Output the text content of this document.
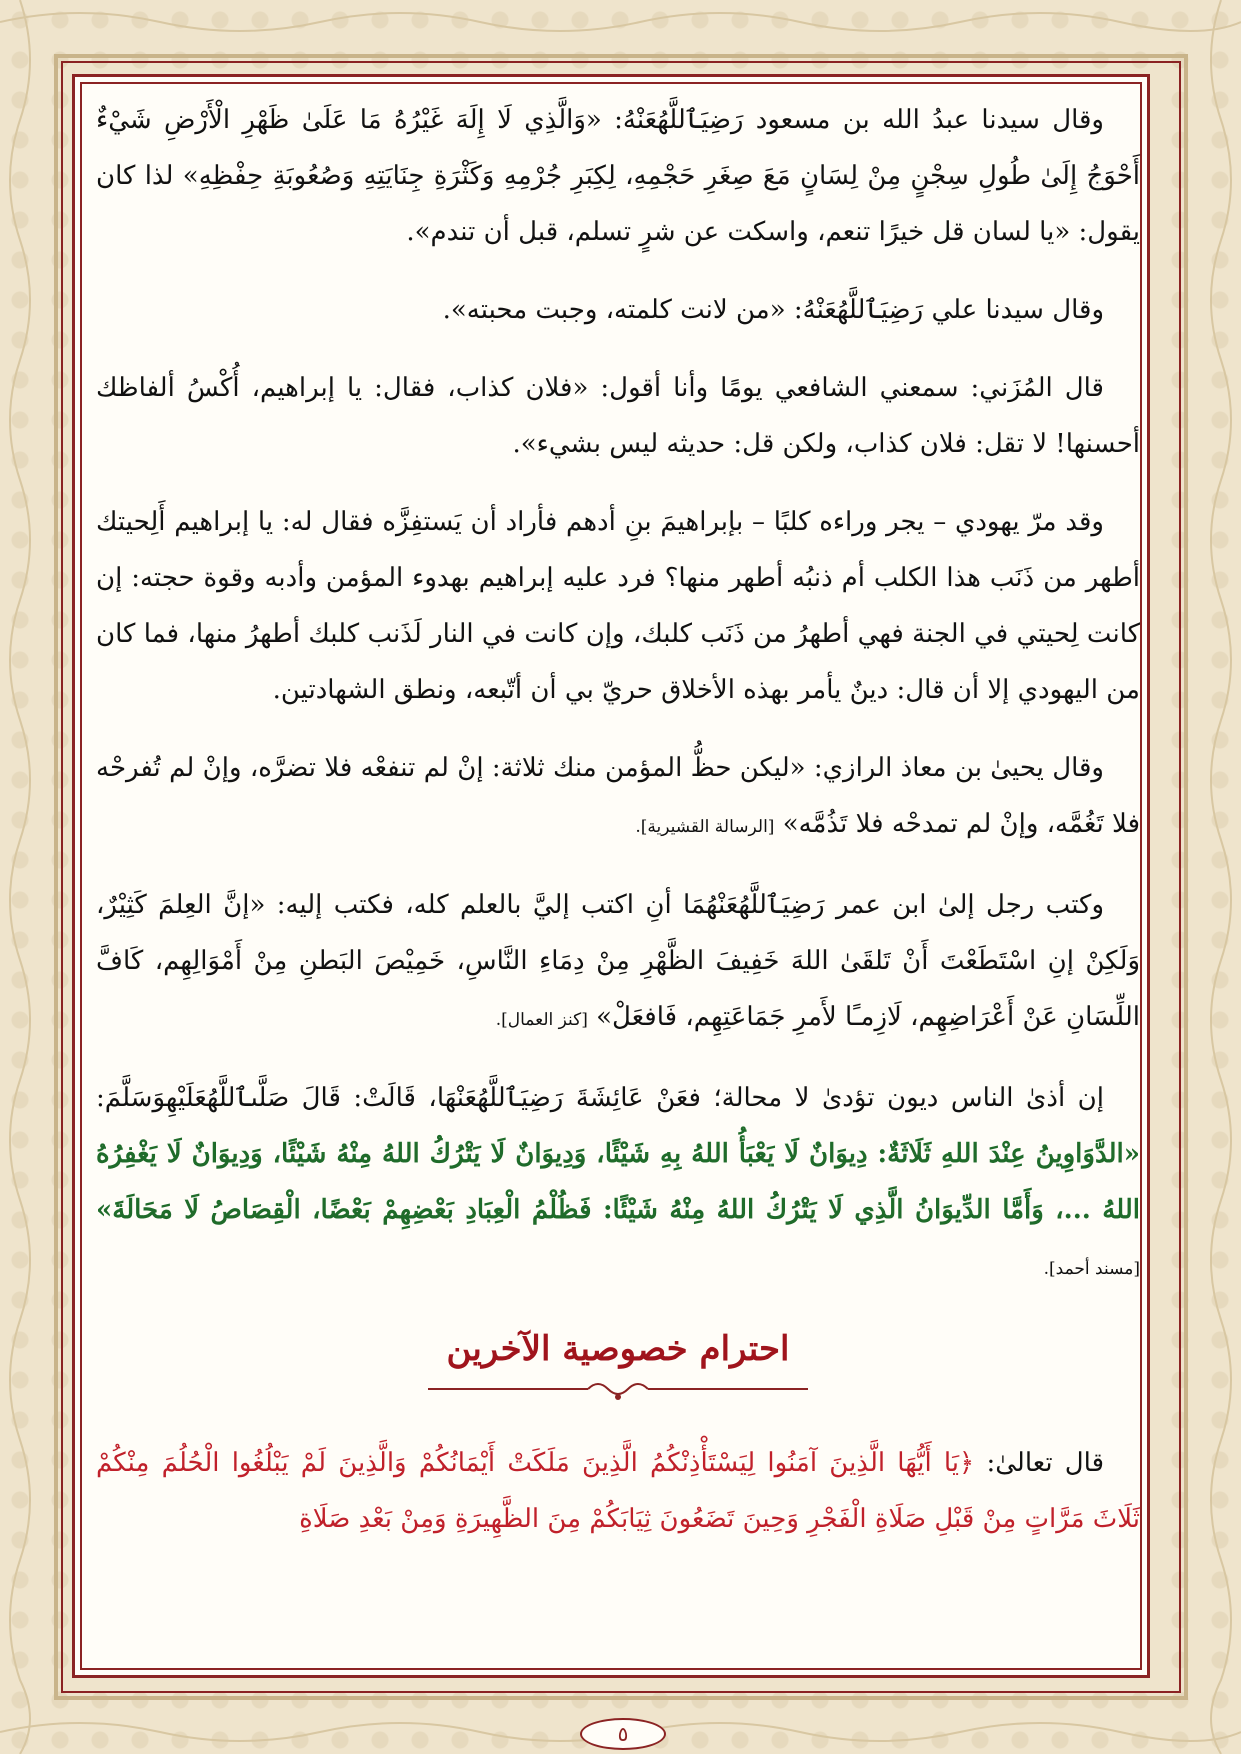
وقال سيدنا عبدُ الله بن مسعود رَضِيَٱللَّهُعَنْهُ: «وَالَّذِي لَا إِلَهَ غَيْرُهُ مَا عَلَىٰ ظَهْرِ الْأَرْضِ شَيْءٌ أَحْوَجُ إِلَىٰ طُولِ سِجْنٍ مِنْ لِسَانٍ مَعَ صِغَرِ حَجْمِهِ، لِكِبَرِ جُرْمِهِ وَكَثْرَةِ جِنَايَتِهِ وَصُعُوبَةِ حِفْظِهِ» لذا كان يقول: «يا لسان قل خيرًا تنعم، واسكت عن شرٍ تسلم، قبل أن تندم».

وقال سيدنا علي رَضِيَٱللَّهُعَنْهُ: «من لانت كلمته، وجبت محبته».

قال المُزَني: سمعني الشافعي يومًا وأنا أقول: «فلان كذاب، فقال: يا إبراهيم، أُكْسُ ألفاظك أحسنها! لا تقل: فلان كذاب، ولكن قل: حديثه ليس بشيء».

وقد مرّ يهودي – يجر وراءه كلبًا – بإبراهيمَ بنِ أدهم فأراد أن يَستفِزَّه فقال له: يا إبراهيم أَلِحيتك أطهر من ذَنَب هذا الكلب أم ذنبُه أطهر منها؟ فرد عليه إبراهيم بهدوء المؤمن وأدبه وقوة حجته: إن كانت لِحيتي في الجنة فهي أطهرُ من ذَنَب كلبك، وإن كانت في النار لَذَنب كلبك أطهرُ منها، فما كان من اليهودي إلا أن قال: دينٌ يأمر بهذه الأخلاق حريّ بي أن أتّبعه، ونطق الشهادتين.

وقال يحيىٰ بن معاذ الرازي: «ليكن حظُّ المؤمن منك ثلاثة: إنْ لم تنفعْه فلا تضرَّه، وإنْ لم تُفرحْه فلا تَغُمَّه، وإنْ لم تمدحْه فلا تَذُمَّه» [الرسالة القشيرية].

وكتب رجل إلىٰ ابن عمر رَضِيَٱللَّهُعَنْهُمَا أنِ اكتب إليَّ بالعلم كله، فكتب إليه: «إنَّ العِلمَ كَثِيْرٌ، وَلَكِنْ إنِ اسْتَطَعْتَ أَنْ تَلقَىٰ اللهَ خَفِيفَ الظَّهْرِ مِنْ دِمَاءِ النَّاسِ، خَمِيْصَ البَطنِ مِنْ أَمْوَالِهِم، كَافَّ اللِّسَانِ عَنْ أَعْرَاضِهِم، لَازِمـًا لأَمرِ جَمَاعَتِهِم، فَافعَلْ» [كنز العمال].

إن أذىٰ الناس ديون تؤدىٰ لا محالة؛ فعَنْ عَائِشَةَ رَضِيَٱللَّهُعَنْهَا، قَالَتْ: قَالَ صَلَّىٱللَّهُعَلَيْهِوَسَلَّمَ: «الدَّوَاوِينُ عِنْدَ اللهِ ثَلَاثَةٌ: دِيوَانٌ لَا يَعْبَأُ اللهُ بِهِ شَيْئًا، وَدِيوَانٌ لَا يَتْرُكُ اللهُ مِنْهُ شَيْئًا، وَدِيوَانٌ لَا يَغْفِرُهُ اللهُ ...، وَأَمَّا الدِّيوَانُ الَّذِي لَا يَتْرُكُ اللهُ مِنْهُ شَيْئًا: فَظُلْمُ الْعِبَادِ بَعْضِهِمْ بَعْضًا، الْقِصَاصُ لَا مَحَالَةَ» [مسند أحمد].

احترام خصوصية الآخرين

قال تعالىٰ: ﴿يَا أَيُّهَا الَّذِينَ آمَنُوا لِيَسْتَأْذِنْكُمُ الَّذِينَ مَلَكَتْ أَيْمَانُكُمْ وَالَّذِينَ لَمْ يَبْلُغُوا الْحُلُمَ مِنْكُمْ ثَلَاثَ مَرَّاتٍ مِنْ قَبْلِ صَلَاةِ الْفَجْرِ وَحِينَ تَضَعُونَ ثِيَابَكُمْ مِنَ الظَّهِيرَةِ وَمِنْ بَعْدِ صَلَاةِ

٥
